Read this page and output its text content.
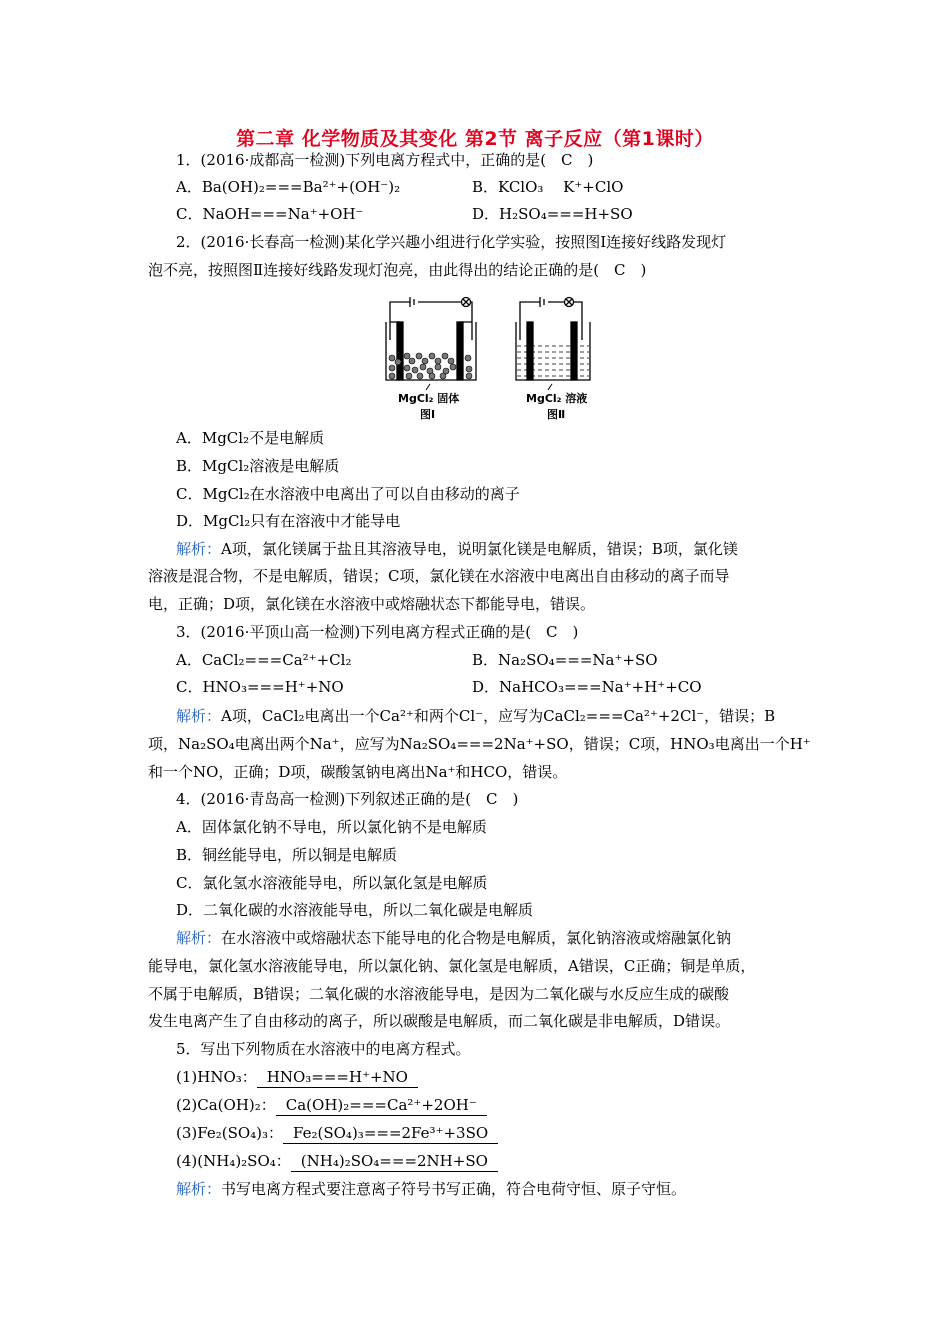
第二章 化学物质及其变化 第2节 离子反应（第1课时）
1．(2016·成都高一检测)下列电离方程式中，正确的是(　C　)
A．Ba(OH)₂===Ba²⁺+(OH⁻)₂	B．KClO₃　 K⁺+ClO
C．NaOH===Na⁺+OH⁻	D．H₂SO₄===H+SO
2．(2016·长春高一检测)某化学兴趣小组进行化学实验，按照图Ⅰ连接好线路发现灯
泡不亮，按照图Ⅱ连接好线路发现灯泡亮，由此得出的结论正确的是(　C　)
MgCl₂ 固体	MgCl₂ 溶液
图Ⅰ	图Ⅱ
A．MgCl₂不是电解质
B．MgCl₂溶液是电解质
C．MgCl₂在水溶液中电离出了可以自由移动的离子
D．MgCl₂只有在溶液中才能导电
解析：A项，氯化镁属于盐且其溶液导电，说明氯化镁是电解质，错误；B项，氯化镁
溶液是混合物，不是电解质，错误；C项，氯化镁在水溶液中电离出自由移动的离子而导
电，正确；D项，氯化镁在水溶液中或熔融状态下都能导电，错误。
3．(2016·平顶山高一检测)下列电离方程式正确的是(　C　)
A．CaCl₂===Ca²⁺+Cl₂	B．Na₂SO₄===Na⁺+SO
C．HNO₃===H⁺+NO	D．NaHCO₃===Na⁺+H⁺+CO
解析：A项，CaCl₂电离出一个Ca²⁺和两个Cl⁻，应写为CaCl₂===Ca²⁺+2Cl⁻，错误；B
项，Na₂SO₄电离出两个Na⁺，应写为Na₂SO₄===2Na⁺+SO，错误；C项，HNO₃电离出一个H⁺
和一个NO，正确；D项，碳酸氢钠电离出Na⁺和HCO，错误。
4．(2016·青岛高一检测)下列叙述正确的是(　C　)
A．固体氯化钠不导电，所以氯化钠不是电解质
B．铜丝能导电，所以铜是电解质
C．氯化氢水溶液能导电，所以氯化氢是电解质
D．二氧化碳的水溶液能导电，所以二氧化碳是电解质
解析：在水溶液中或熔融状态下能导电的化合物是电解质，氯化钠溶液或熔融氯化钠
能导电，氯化氢水溶液能导电，所以氯化钠、氯化氢是电解质，A错误，C正确；铜是单质，
不属于电解质，B错误；二氧化碳的水溶液能导电，是因为二氧化碳与水反应生成的碳酸
发生电离产生了自由移动的离子，所以碳酸是电解质，而二氧化碳是非电解质，D错误。
5．写出下列物质在水溶液中的电离方程式。
(1)HNO₃： HNO₃===H⁺+NO
(2)Ca(OH)₂： Ca(OH)₂===Ca²⁺+2OH⁻
(3)Fe₂(SO₄)₃： Fe₂(SO₄)₃===2Fe³⁺+3SO
(4)(NH₄)₂SO₄： (NH₄)₂SO₄===2NH+SO
解析：书写电离方程式要注意离子符号书写正确，符合电荷守恒、原子守恒。
